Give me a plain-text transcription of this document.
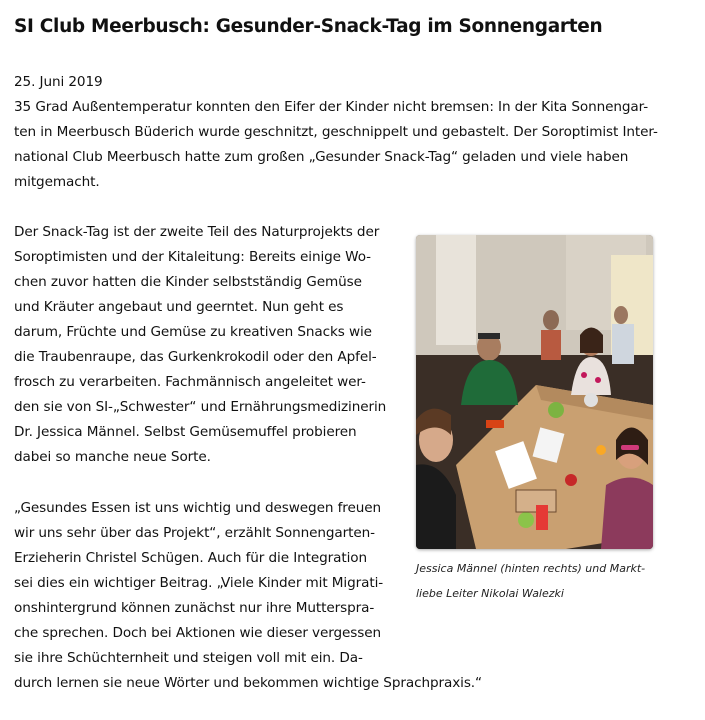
SI Club Meerbusch: Gesunder-Snack-Tag im Sonnengarten
25. Juni 2019
35 Grad Außentemperatur konnten den Eifer der Kinder nicht bremsen: In der Kita Sonnengar-
ten in Meerbusch Büderich wurde geschnitzt, geschnippelt und gebastelt. Der Soroptimist Inter-
national Club Meerbusch hatte zum großen „Gesunder Snack-Tag“ geladen und viele haben
mitgemacht.
Der Snack-Tag ist der zweite Teil des Naturprojekts der
Soroptimisten und der Kitaleitung: Bereits einige Wo-
chen zuvor hatten die Kinder selbstständig Gemüse
und Kräuter angebaut und geerntet. Nun geht es
darum, Früchte und Gemüse zu kreativen Snacks wie
die Traubenraupe, das Gurkenkrokodil oder den Apfel-
frosch zu verarbeiten. Fachmännisch angeleitet wer-
den sie von SI-„Schwester“ und Ernährungsmedizinerin
Dr. Jessica Männel. Selbst Gemüsemuffel probieren
dabei so manche neue Sorte.
„Gesundes Essen ist uns wichtig und deswegen freuen
wir uns sehr über das Projekt“, erzählt Sonnengarten-
Erzieherin Christel Schügen. Auch für die Integration
sei dies ein wichtiger Beitrag. „Viele Kinder mit Migrati-
onshintergrund können zunächst nur ihre Muttersprа-
che sprechen. Doch bei Aktionen wie dieser vergessen
sie ihre Schüchternheit und steigen voll mit ein. Da-
durch lernen sie neue Wörter und bekommen wichtige Sprachpraxis.“
Jessica Männel (hinten rechts) und Markt-
liebe Leiter Nikolai Walezki
